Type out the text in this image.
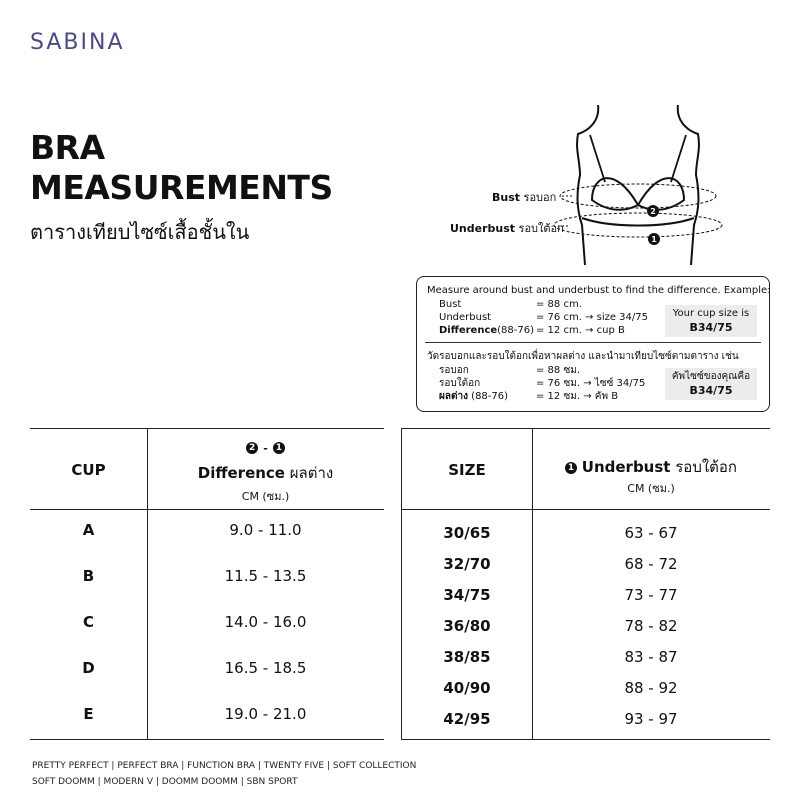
SABINA
BRA
MEASUREMENTS
ตารางเทียบไซซ์เสื้อชั้นใน
2
1
Bust รอบอก
Underbust รอบใต้อก
Measure around bust and underbust to find the difference. Example:
Bust	= 88 cm.
Underbust	= 76 cm. → size 34/75
Difference(88-76) = 12 cm. → cup B
Your cup size is
B34/75
วัดรอบอกและรอบใต้อกเพื่อหาผลต่าง และนำมาเทียบไซซ์ตามตาราง เช่น
รอบอก	= 88 ซม.
รอบใต้อก	= 76 ซม. → ไซซ์ 34/75
ผลต่าง (88-76)	= 12 ซม. → คัพ B
คัพไซซ์ของคุณคือ
B34/75
CUP
2 - 1
Difference ผลต่าง
CM (ซม.)
A	9.0 - 11.0
B	11.5 - 13.5
C	14.0 - 16.0
D	16.5 - 18.5
E	19.0 - 21.0
SIZE	1 Underbust รอบใต้อก
CM (ซม.)
30/65	63 - 67
32/70	68 - 72
34/75	73 - 77
36/80	78 - 82
38/85	83 - 87
40/90	88 - 92
42/95	93 - 97
PRETTY PERFECT | PERFECT BRA | FUNCTION BRA | TWENTY FIVE | SOFT COLLECTION
SOFT DOOMM | MODERN V | DOOMM DOOMM | SBN SPORT
